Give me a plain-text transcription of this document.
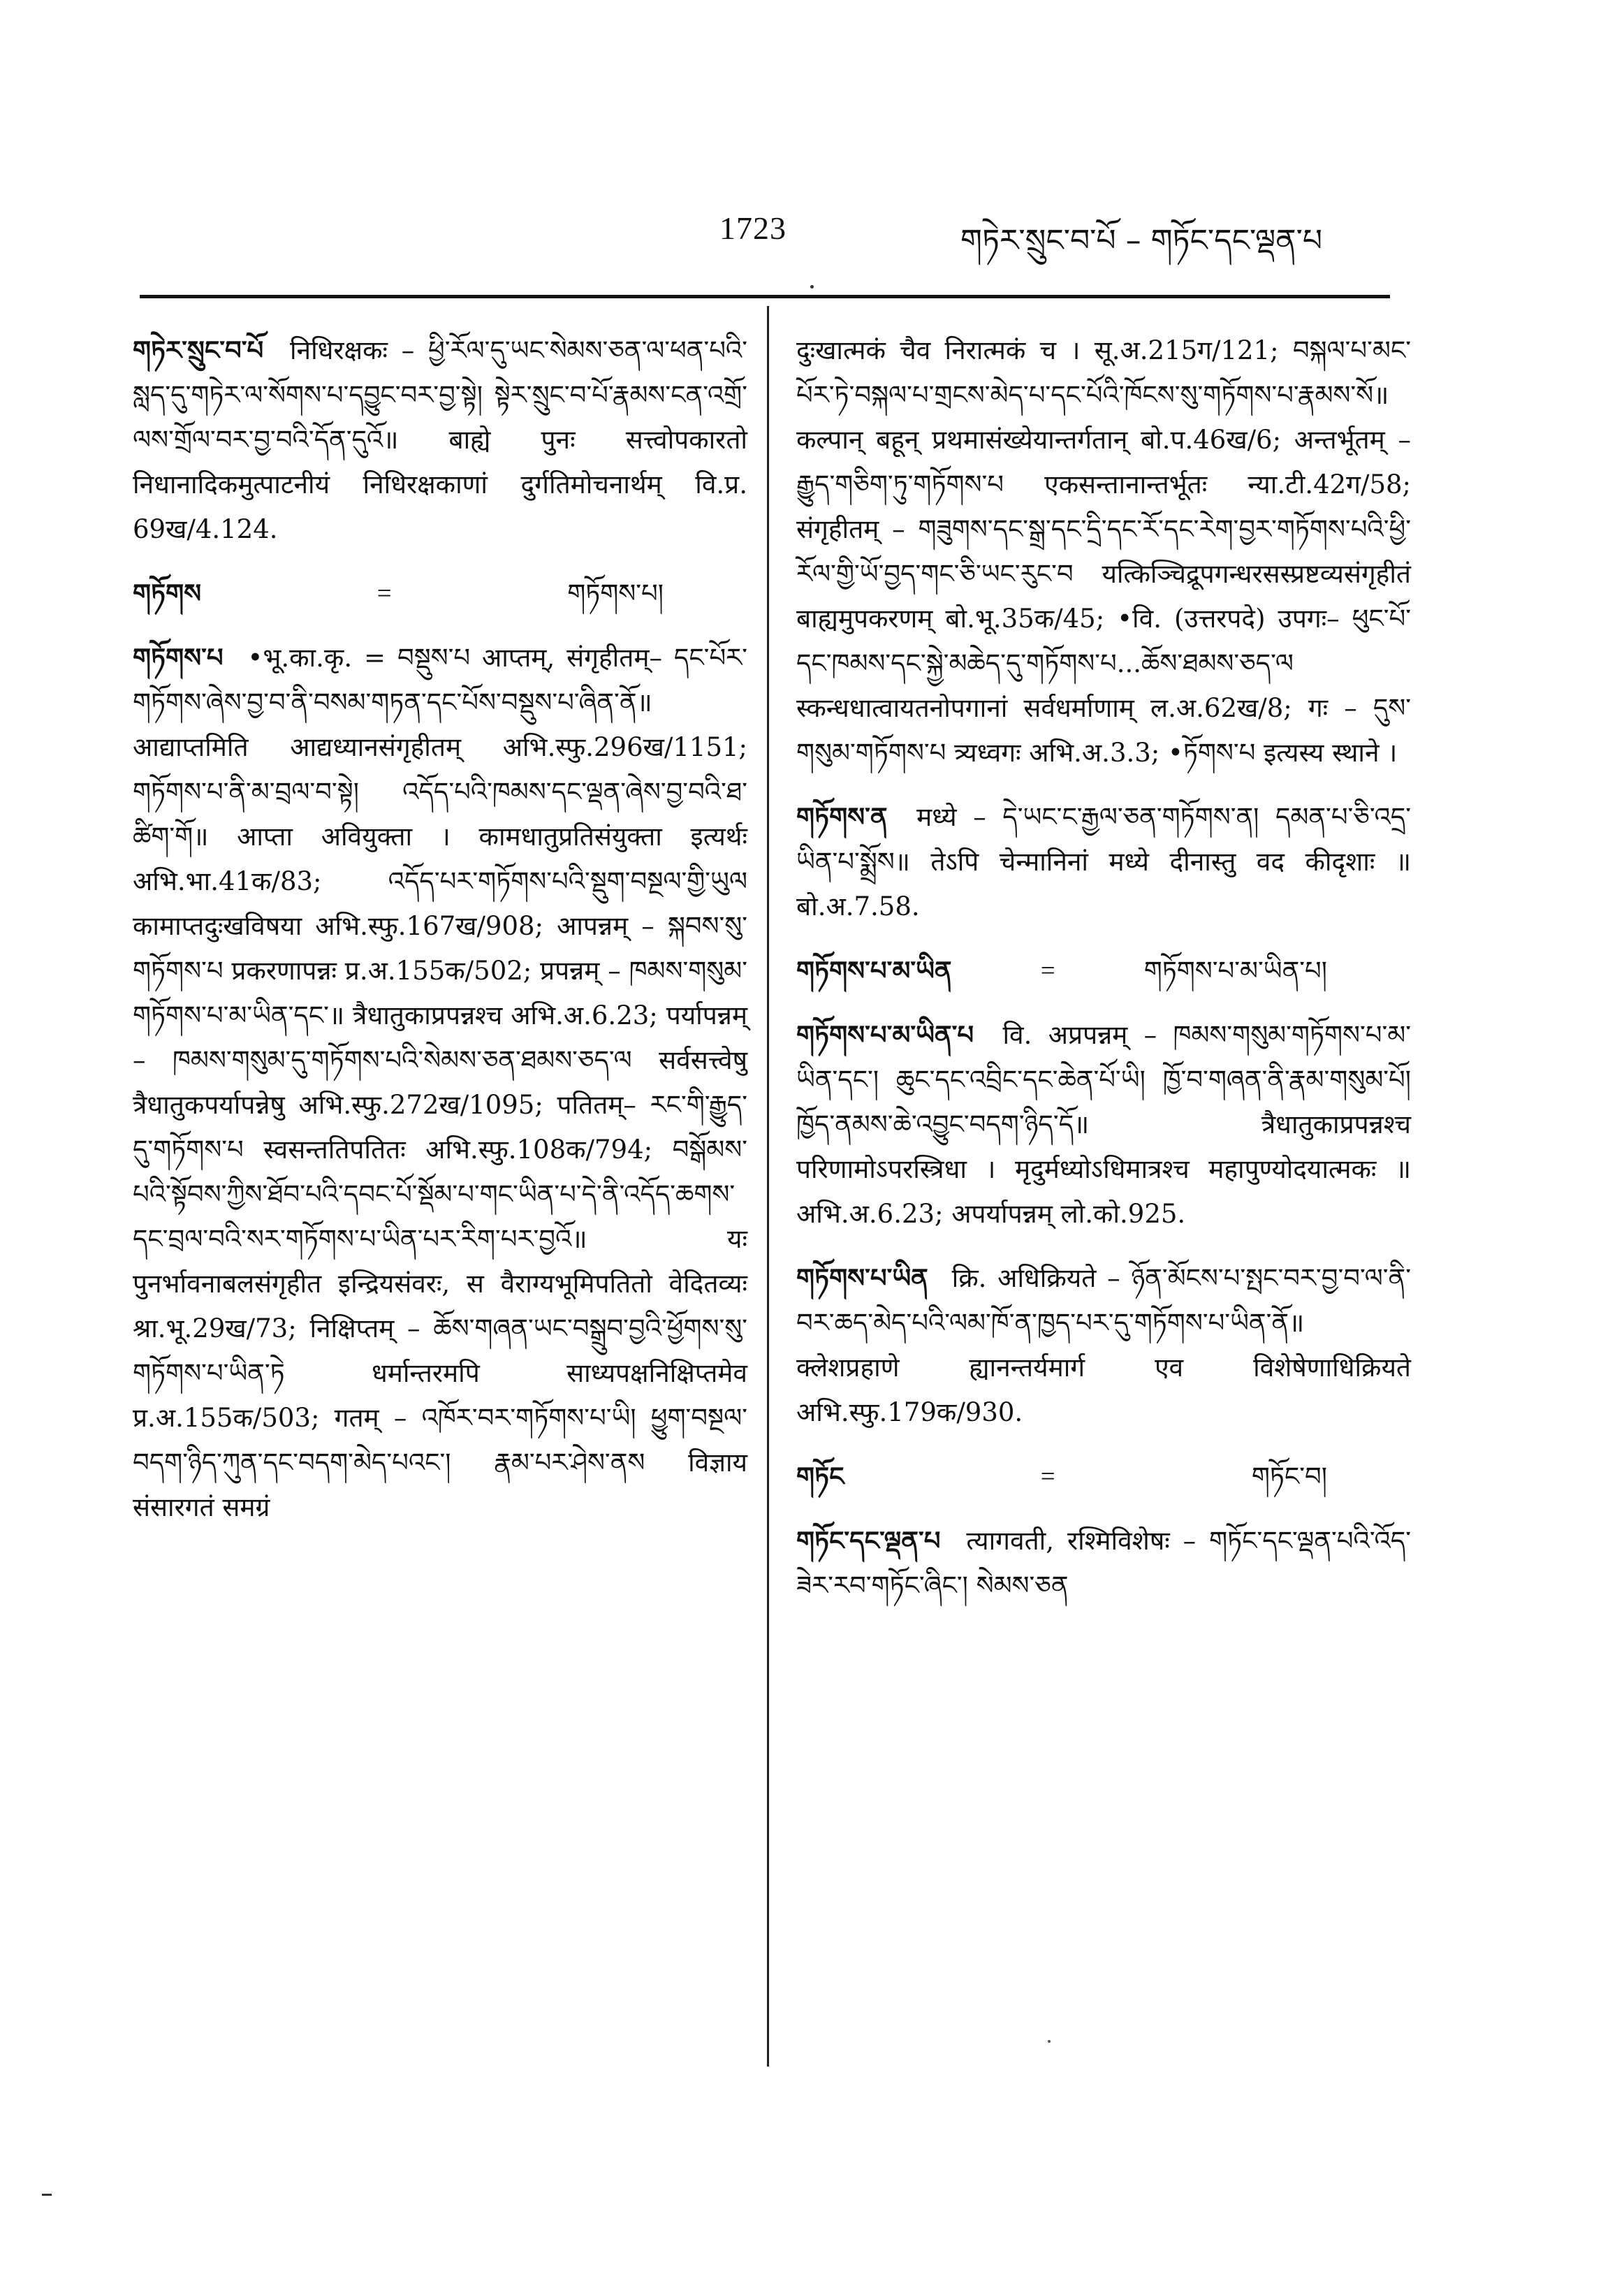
1723	གཏེར་སྲུང་བ་པོ – གཏོང་དང་ལྡན་པ
གཏེར་སྲུང་བ་པོ निधिरक्षकः – ཕྱི་རོལ་དུ་ཡང་སེམས་ཅན་ལ་ཕན་པའི་སླད་དུ་གཏེར་ལ་སོགས་པ་དབྱུང་བར་བྱ་སྟེ། སྟེར་སྲུང་བ་པོ་རྣམས་ངན་འགྲོ་ལས་གྲོལ་བར་བྱ་བའི་དོན་དུའོ॥ बाह्ये पुनः सत्त्वोपकारतो निधानादिकमुत्पाटनीयं निधिरक्षकाणां दुर्गतिमोचनार्थम् वि.प्र. 69ख/4.124.
གཏོགས	=	གཏོགས་པ།
གཏོགས་པ •भू.का.कृ. = བསྡུས་པ आप्तम्, संगृहीतम्– དང་པོར་གཏོགས་ཞེས་བྱ་བ་ནི་བསམ་གཏན་དང་པོས་བསྡུས་པ་ཞིན་ནོ॥ आद्याप्तमिति आद्यध्यानसंगृहीतम् अभि.स्फु.296ख/1151; གཏོགས་པ་ནི་མ་བྲལ་བ་སྟེ། འདོད་པའི་ཁམས་དང་ལྡན་ཞེས་བྱ་བའི་ཐ་ཚིག་གོ॥ आप्ता अवियुक्ता । कामधातुप्रतिसंयुक्ता इत्यर्थः अभि.भा.41क/83; འདོད་པར་གཏོགས་པའི་སྡུག་བསྔལ་གྱི་ཡུལ कामाप्तदुःखविषया अभि.स्फु.167ख/908; आपन्नम् – སྐབས་སུ་གཏོགས་པ प्रकरणापन्नः प्र.अ.155क/502; प्रपन्नम् – ཁམས་གསུམ་གཏོགས་པ་མ་ཡིན་དང་॥ त्रैधातुकाप्रपन्नश्च अभि.अ.6.23; पर्यापन्नम् – ཁམས་གསུམ་དུ་གཏོགས་པའི་སེམས་ཅན་ཐམས་ཅད་ལ सर्वसत्त्वेषु त्रैधातुकपर्यापन्नेषु अभि.स्फु.272ख/1095; पतितम्– རང་གི་རྒྱུད་དུ་གཏོགས་པ स्वसन्ततिपतितः अभि.स्फु.108क/794; བསྒོམས་པའི་སྟོབས་ཀྱིས་ཐོབ་པའི་དབང་པོ་སྡོམ་པ་གང་ཡིན་པ་དེ་ནི་འདོད་ཆགས་དང་བྲལ་བའི་སར་གཏོགས་པ་ཡིན་པར་རིག་པར་བྱའོ॥ यः पुनर्भावनाबलसंगृहीत इन्द्रियसंवरः, स वैराग्यभूमिपतितो वेदितव्यः श्रा.भू.29ख/73; निक्षिप्तम् – ཆོས་གཞན་ཡང་བསྒྲུབ་བྱའི་ཕྱོགས་སུ་གཏོགས་པ་ཡིན་ཏེ धर्मान्तरमपि साध्यपक्षनिक्षिप्तमेव प्र.अ.155क/503; गतम् – འཁོར་བར་གཏོགས་པ་ཡི། ཕྱུག་བསྔལ་བདག་ཉིད་ཀུན་དང་བདག་མེད་པའང་། རྣམ་པར་ཤེས་ནས विज्ञाय संसारगतं समग्रं
दुःखात्मकं चैव निरात्मकं च । सू.अ.215ग/121; བསྐལ་པ་མང་པོར་ཏེ་བསྐལ་པ་གྲངས་མེད་པ་དང་པོའི་ཁོངས་སུ་གཏོགས་པ་རྣམས་སོ॥ कल्पान् बहून् प्रथमासंख्येयान्तर्गतान् बो.प.46ख/6; अन्तर्भूतम् – རྒྱུད་གཅིག་ཏུ་གཏོགས་པ एकसन्तानान्तर्भूतः न्या.टी.42ग/58; संगृहीतम् – གཟུགས་དང་སྒྲ་དང་དྲི་དང་རོ་དང་རེག་བྱར་གཏོགས་པའི་ཕྱི་རོལ་གྱི་ཡོ་བྱད་གང་ཅི་ཡང་རུང་བ यत्किञ्चिद्रूपगन्धरसस्प्रष्टव्यसंगृहीतं बाह्यमुपकरणम् बो.भू.35क/45; •वि. (उत्तरपदे) उपगः– ཕུང་པོ་དང་ཁམས་དང་སྐྱེ་མཆེད་དུ་གཏོགས་པ...ཆོས་ཐམས་ཅད་ལ स्कन्धधात्वायतनोपगानां सर्वधर्माणाम् ल.अ.62ख/8; गः – དུས་གསུམ་གཏོགས་པ त्र्यध्वगः अभि.अ.3.3; •ཏོགས་པ इत्यस्य स्थाने ।
གཏོགས་ན मध्ये – དེ་ཡང་ང་རྒྱལ་ཅན་གཏོགས་ན། དམན་པ་ཅི་འདྲ་ཡིན་པ་སྨྲོས॥ तेऽपि चेन्मानिनां मध्ये दीनास्तु वद कीदृशाः ॥ बो.अ.7.58.
གཏོགས་པ་མ་ཡིན	=	གཏོགས་པ་མ་ཡིན་པ།
གཏོགས་པ་མ་ཡིན་པ वि. अप्रपन्नम् – ཁམས་གསུམ་གཏོགས་པ་མ་ཡིན་དང་། ཆུང་དང་འབྲིང་དང་ཆེན་པོ་ཡི། ཁྱོ་བ་གཞན་ནི་རྣམ་གསུམ་པོ། ཁྱོད་ནམས་ཆེ་འབྱུང་བདག་ཉིད་དོ॥ त्रैधातुकाप्रपन्नश्च परिणामोऽपरस्त्रिधा । मृदुर्मध्योऽधिमात्रश्च महापुण्योदयात्मकः ॥ अभि.अ.6.23; अपर्यापन्नम् लो.को.925.
གཏོགས་པ་ཡིན क्रि. अधिक्रियते – ཉོན་མོངས་པ་སྤང་བར་བྱ་བ་ལ་ནི་བར་ཆད་མེད་པའི་ལམ་ཁོ་ན་ཁྱད་པར་དུ་གཏོགས་པ་ཡིན་ནོ॥ क्लेशप्रहाणे ह्यानन्तर्यमार्ग एव विशेषेणाधिक्रियते अभि.स्फु.179क/930.
གཏོང	=	གཏོང་བ།
གཏོང་དང་ལྡན་པ त्यागवती, रश्मिविशेषः – གཏོང་དང་ལྡན་པའི་འོད་ཟེར་རབ་གཏོང་ཞིང་། སེམས་ཅན
